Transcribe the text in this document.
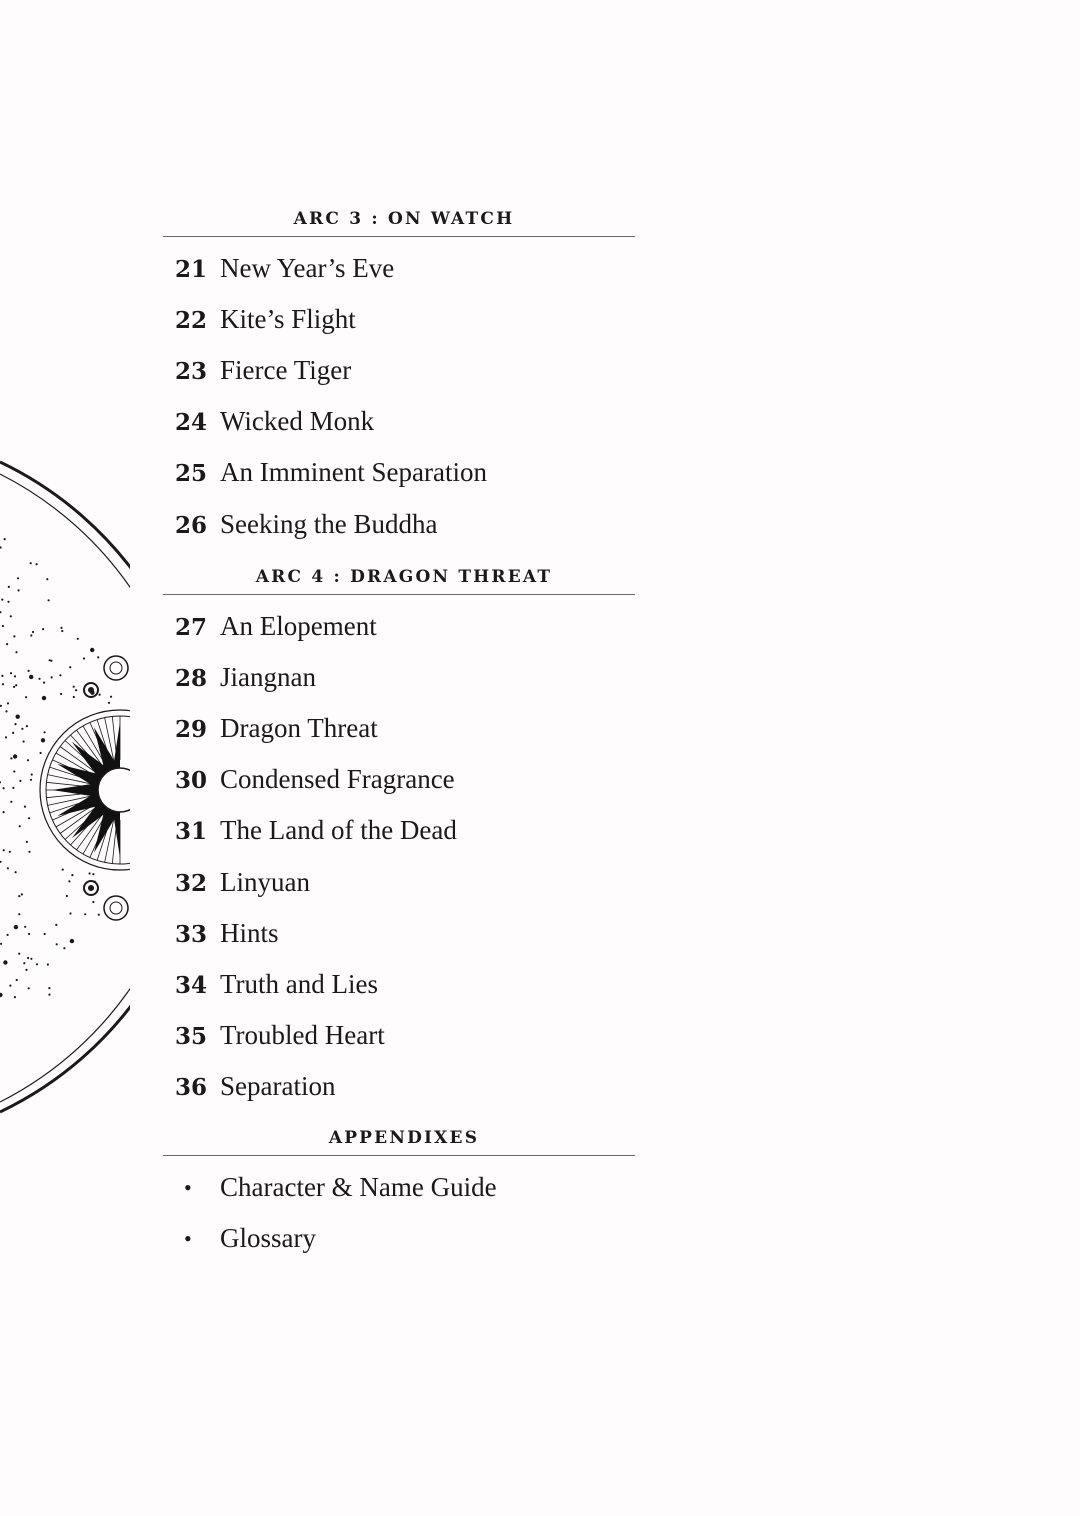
ARC 3 : ON WATCH
21 New Year’s Eve
22 Kite’s Flight
23 Fierce Tiger
24 Wicked Monk
25 An Imminent Separation
26 Seeking the Buddha
ARC 4 : DRAGON THREAT
27 An Elopement
28 Jiangnan
29 Dragon Threat
30 Condensed Fragrance
31 The Land of the Dead
32 Linyuan
33 Hints
34 Truth and Lies
35 Troubled Heart
36 Separation
APPENDIXES
•	Character & Name Guide
•	Glossary
